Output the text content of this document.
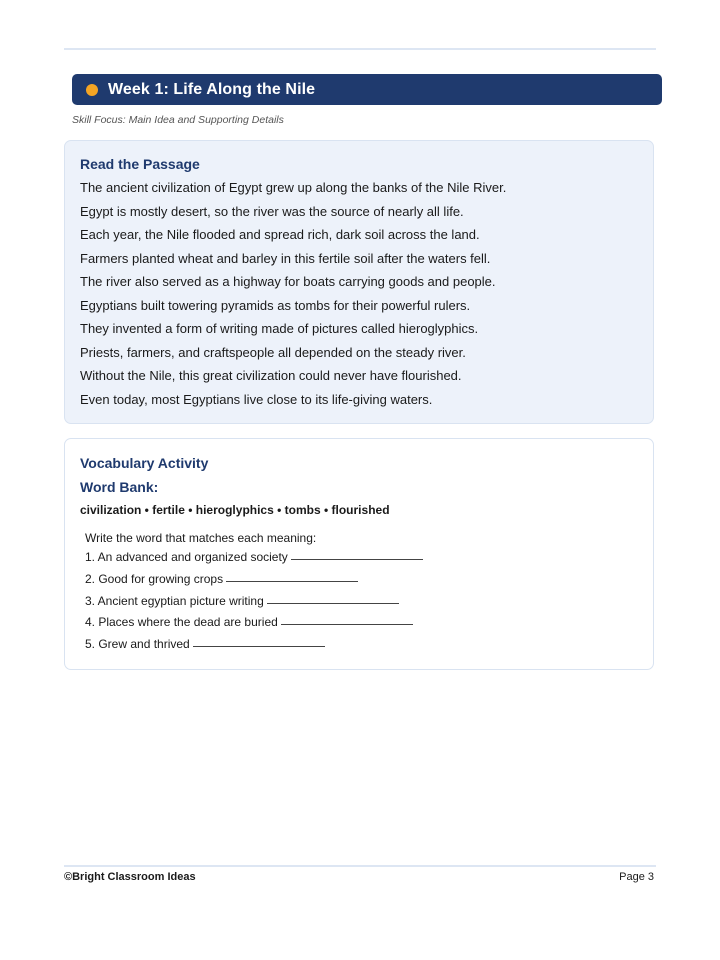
Week 1: Life Along the Nile
Skill Focus: Main Idea and Supporting Details
Read the Passage
The ancient civilization of Egypt grew up along the banks of the Nile River.
Egypt is mostly desert, so the river was the source of nearly all life.
Each year, the Nile flooded and spread rich, dark soil across the land.
Farmers planted wheat and barley in this fertile soil after the waters fell.
The river also served as a highway for boats carrying goods and people.
Egyptians built towering pyramids as tombs for their powerful rulers.
They invented a form of writing made of pictures called hieroglyphics.
Priests, farmers, and craftspeople all depended on the steady river.
Without the Nile, this great civilization could never have flourished.
Even today, most Egyptians live close to its life-giving waters.
Vocabulary Activity
Word Bank:
civilization • fertile • hieroglyphics • tombs • flourished
Write the word that matches each meaning:
1. An advanced and organized society
2. Good for growing crops
3. Ancient egyptian picture writing
4. Places where the dead are buried
5. Grew and thrived
©Bright Classroom Ideas	Page 3
